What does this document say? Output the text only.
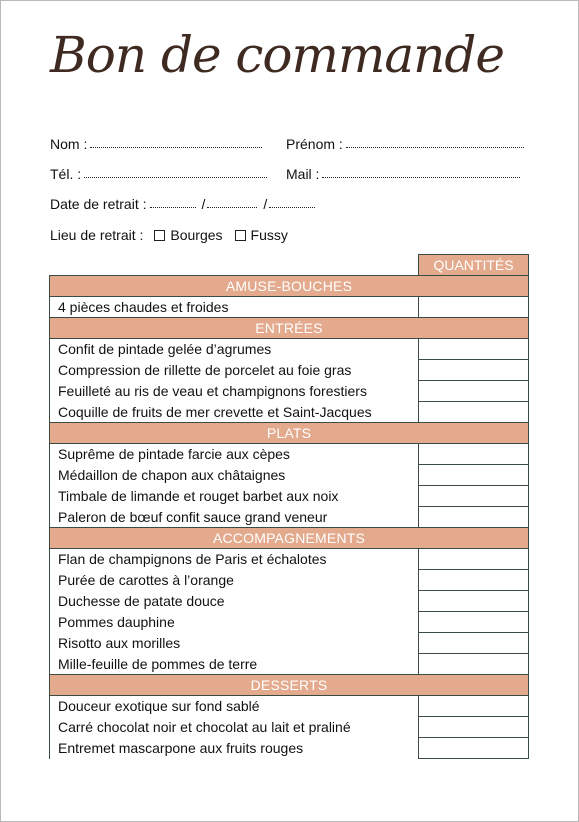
Bon de commande
Nom :	Prénom :
Tél. :	Mail :
Date de retrait :	/	/
Lieu de retrait : Bourges Fussy
	QUANTITÉS
AMUSE-BOUCHES	
4 pièces chaudes et froides	
ENTRÉES	
Confit de pintade gelée d’agrumes	
Compression de rillette de porcelet au foie gras	
Feuilleté au ris de veau et champignons forestiers	
Coquille de fruits de mer crevette et Saint-Jacques	
PLATS	
Suprême de pintade farcie aux cèpes	
Médaillon de chapon aux châtaignes	
Timbale de limande et rouget barbet aux noix	
Paleron de bœuf confit sauce grand veneur	
ACCOMPAGNEMENTS	
Flan de champignons de Paris et échalotes	
Purée de carottes à l’orange	
Duchesse de patate douce	
Pommes dauphine	
Risotto aux morilles	
Mille-feuille de pommes de terre	
DESSERTS	
Douceur exotique sur fond sablé	
Carré chocolat noir et chocolat au lait et praliné	
Entremet mascarpone aux fruits rouges	
